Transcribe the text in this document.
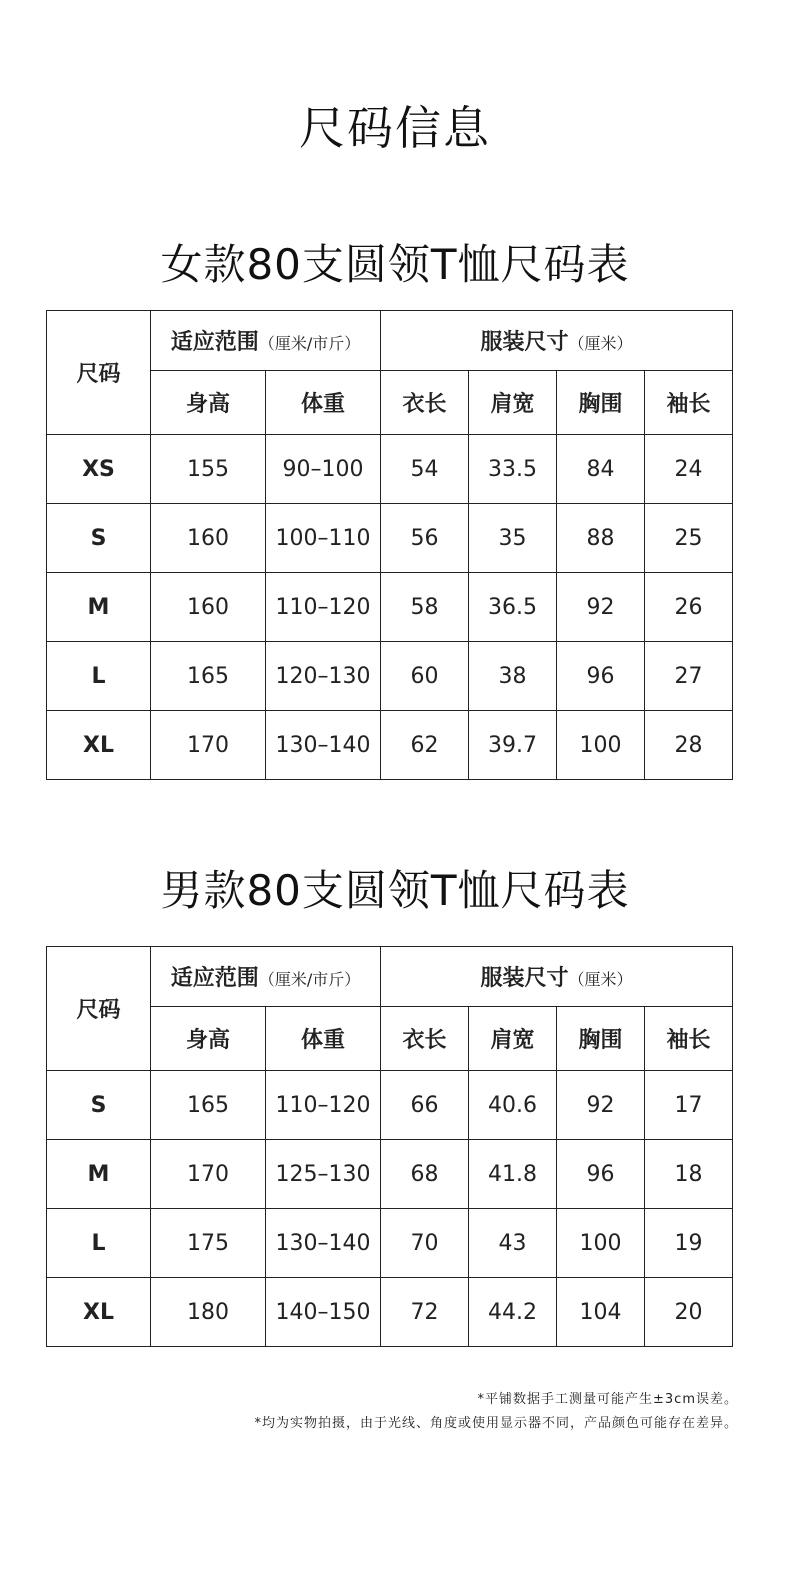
尺码信息
女款80支圆领T恤尺码表
尺码	适应范围（厘米/市斤）		服装尺寸（厘米）			
	身高	体重	衣长	肩宽	胸围	袖长
XS	155	90–100	54	33.5	84	24
S	160	100–110	56	35	88	25
M	160	110–120	58	36.5	92	26
L	165	120–130	60	38	96	27
XL	170	130–140	62	39.7	100	28
男款80支圆领T恤尺码表
尺码	适应范围（厘米/市斤）		服装尺寸（厘米）			
	身高	体重	衣长	肩宽	胸围	袖长
S	165	110–120	66	40.6	92	17
M	170	125–130	68	41.8	96	18
L	175	130–140	70	43	100	19
XL	180	140–150	72	44.2	104	20
*平铺数据手工测量可能产生±3cm误差。
*均为实物拍摄，由于光线、角度或使用显示器不同，产品颜色可能存在差异。
